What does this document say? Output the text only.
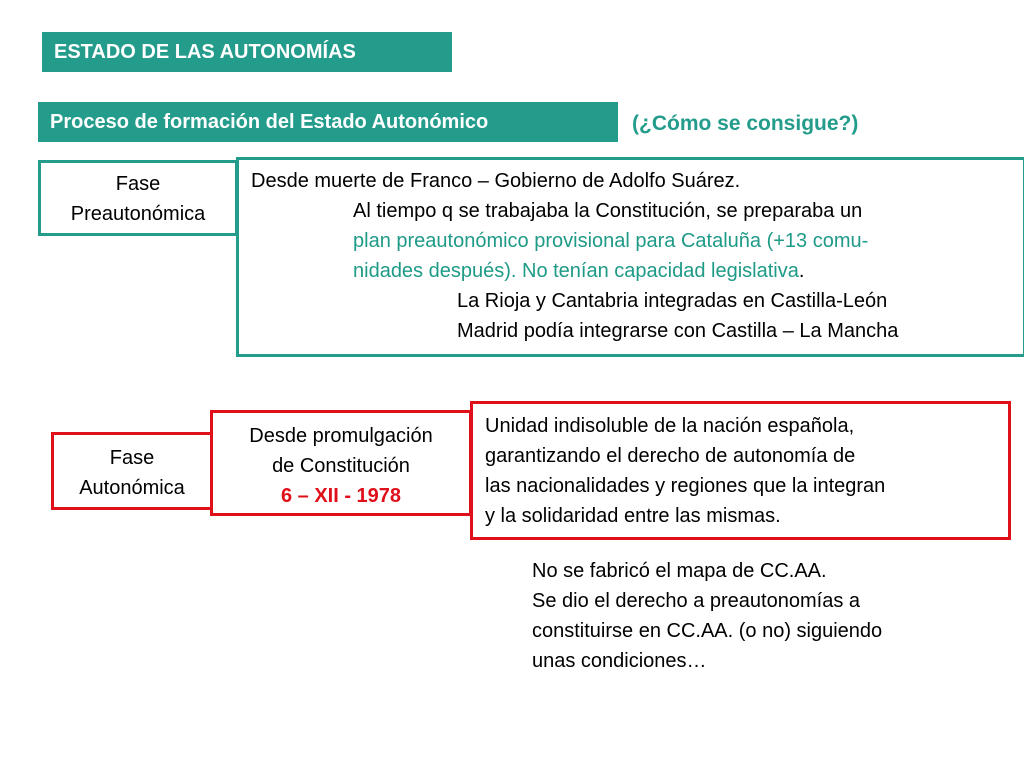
ESTADO DE LAS AUTONOMÍAS
Proceso de formación del Estado Autonómico	(¿Cómo se consigue?)
Fase
Preautonómica
Desde muerte de Franco – Gobierno de Adolfo Suárez.
Al tiempo q se trabajaba la Constitución, se preparaba un
plan preautonómico provisional para Cataluña (+13 comu-
nidades después). No tenían capacidad legislativa.
La Rioja y Cantabria integradas en Castilla-León
Madrid podía integrarse con Castilla – La Mancha
Fase
Autonómica
Desde promulgación
de Constitución
6 – XII - 1978
Unidad indisoluble de la nación española,
garantizando el derecho de autonomía de
las nacionalidades y regiones que la integran
y la solidaridad entre las mismas.
No se fabricó el mapa de CC.AA.
Se dio el derecho a preautonomías a
constituirse en CC.AA. (o no) siguiendo
unas condiciones…
